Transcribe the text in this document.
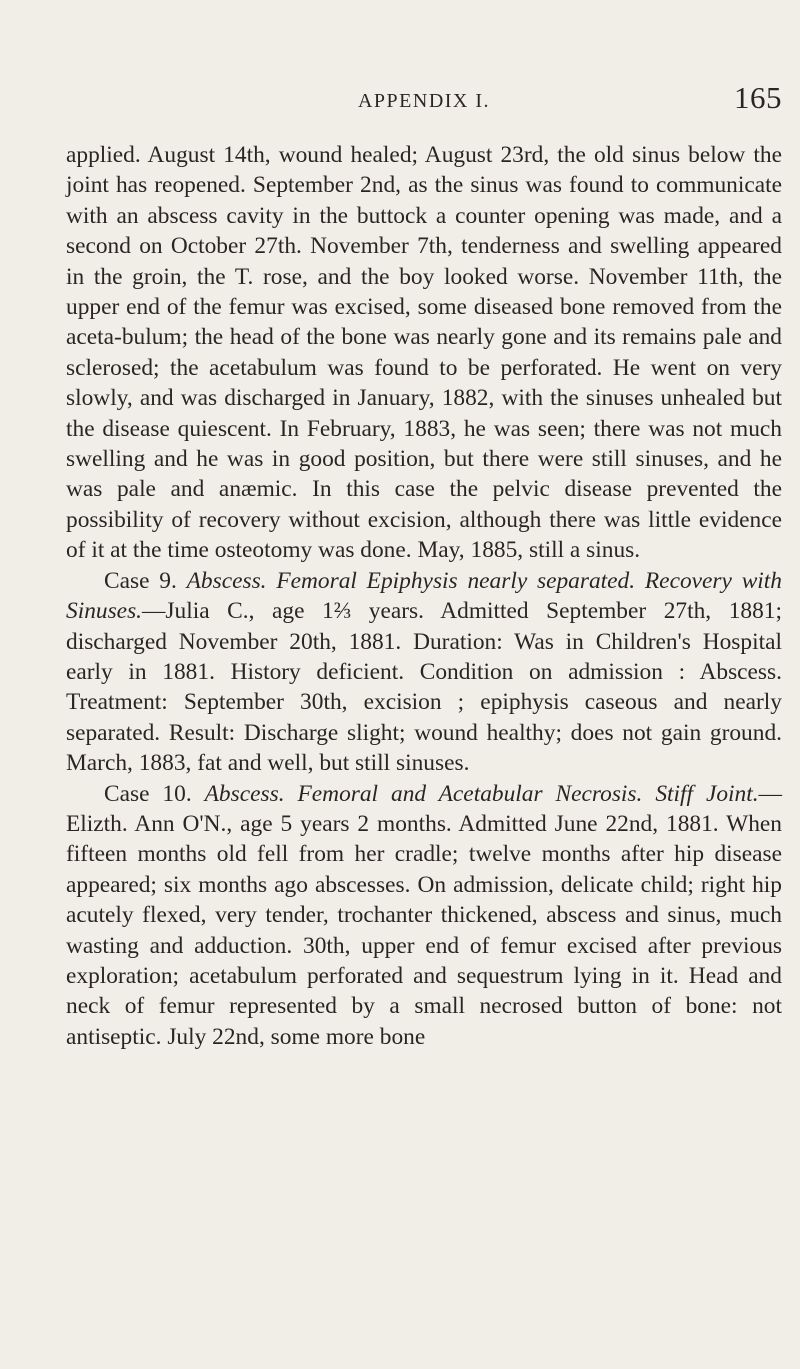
APPENDIX I.	165

applied. August 14th, wound healed; August 23rd, the old sinus below the joint has reopened. September 2nd, as the sinus was found to communicate with an abscess cavity in the buttock a counter opening was made, and a second on October 27th. November 7th, tenderness and swelling appeared in the groin, the T. rose, and the boy looked worse. November 11th, the upper end of the femur was excised, some diseased bone removed from the aceta-bulum; the head of the bone was nearly gone and its remains pale and sclerosed; the acetabulum was found to be perforated. He went on very slowly, and was discharged in January, 1882, with the sinuses unhealed but the disease quiescent. In February, 1883, he was seen; there was not much swelling and he was in good position, but there were still sinuses, and he was pale and anæmic. In this case the pelvic disease prevented the possibility of recovery without excision, although there was little evidence of it at the time osteotomy was done. May, 1885, still a sinus.

Case 9. Abscess. Femoral Epiphysis nearly separated. Recovery with Sinuses.—Julia C., age 1⅔ years. Admitted September 27th, 1881; discharged November 20th, 1881. Duration: Was in Children's Hospital early in 1881. History deficient. Condition on admission : Abscess. Treatment: September 30th, excision ; epiphysis caseous and nearly separated. Result: Discharge slight; wound healthy; does not gain ground. March, 1883, fat and well, but still sinuses.

Case 10. Abscess. Femoral and Acetabular Necrosis. Stiff Joint.—Elizth. Ann O'N., age 5 years 2 months. Admitted June 22nd, 1881. When fifteen months old fell from her cradle; twelve months after hip disease appeared; six months ago abscesses. On admission, delicate child; right hip acutely flexed, very tender, trochanter thickened, abscess and sinus, much wasting and adduction. 30th, upper end of femur excised after previous exploration; acetabulum perforated and sequestrum lying in it. Head and neck of femur represented by a small necrosed button of bone: not antiseptic. July 22nd, some more bone
